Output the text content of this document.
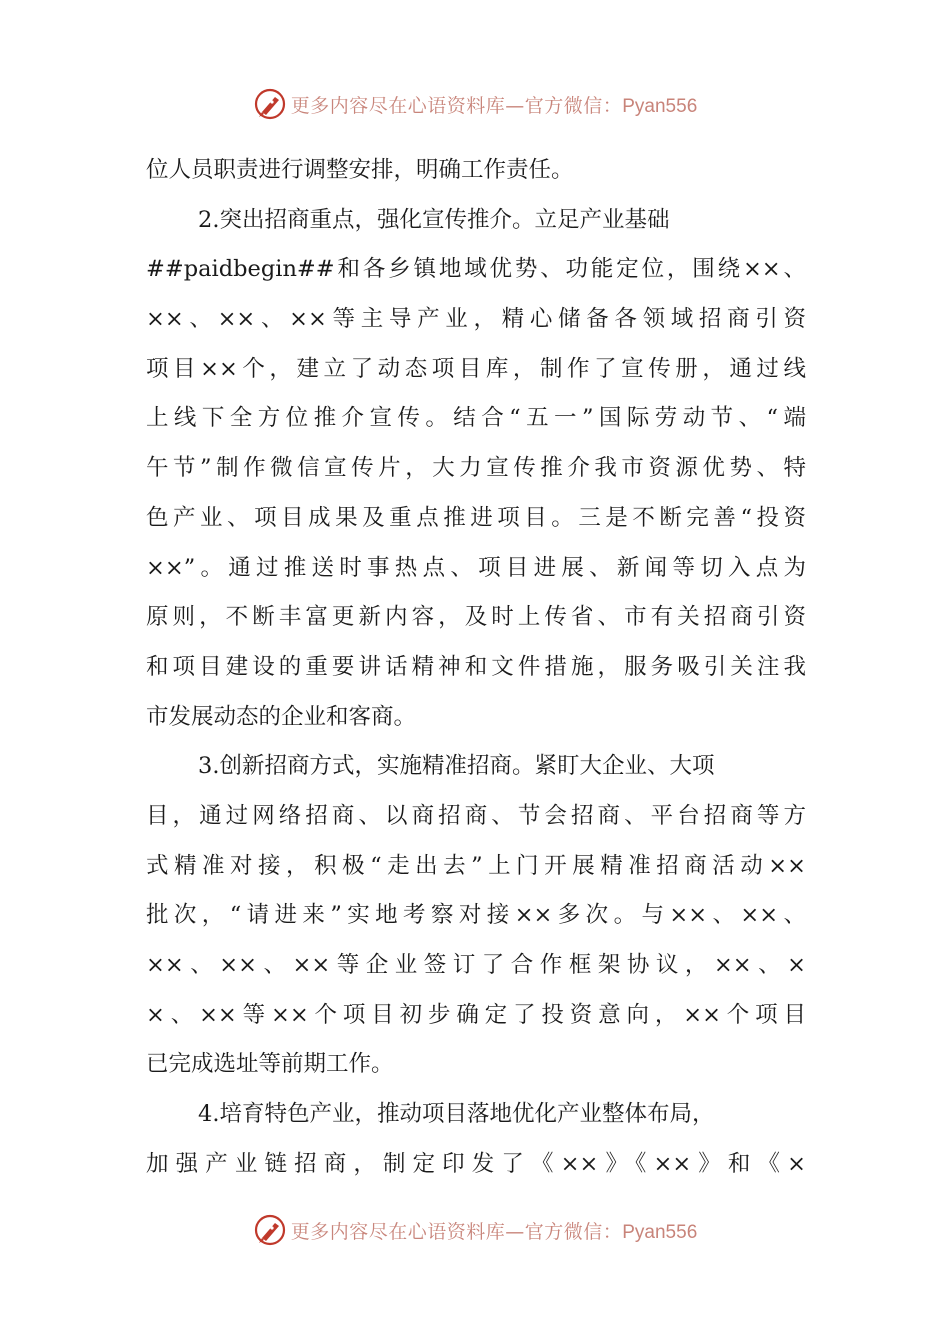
更多内容尽在心语资料库—官方微信：Pyan556
位人员职责进行调整安排，明确工作责任。
2.突出招商重点，强化宣传推介。立足产业基础
##paidbegin##和各乡镇地域优势、功能定位，围绕××、
××、××、××等主导产业，精心储备各领域招商引资
项目××个，建立了动态项目库，制作了宣传册，通过线
上线下全方位推介宣传。结合“五一”国际劳动节、“端
午节”制作微信宣传片，大力宣传推介我市资源优势、特
色产业、项目成果及重点推进项目。三是不断完善“投资
××”。通过推送时事热点、项目进展、新闻等切入点为
原则，不断丰富更新内容，及时上传省、市有关招商引资
和项目建设的重要讲话精神和文件措施，服务吸引关注我
市发展动态的企业和客商。
3.创新招商方式，实施精准招商。紧盯大企业、大项
目，通过网络招商、以商招商、节会招商、平台招商等方
式精准对接，积极“走出去”上门开展精准招商活动××
批次，“请进来”实地考察对接××多次。与××、××、
××、××、××等企业签订了合作框架协议，××、×
×、××等××个项目初步确定了投资意向，××个项目
已完成选址等前期工作。
4.培育特色产业，推动项目落地优化产业整体布局，
加强产业链招商，制定印发了《××》《××》和《×
更多内容尽在心语资料库—官方微信：Pyan556
